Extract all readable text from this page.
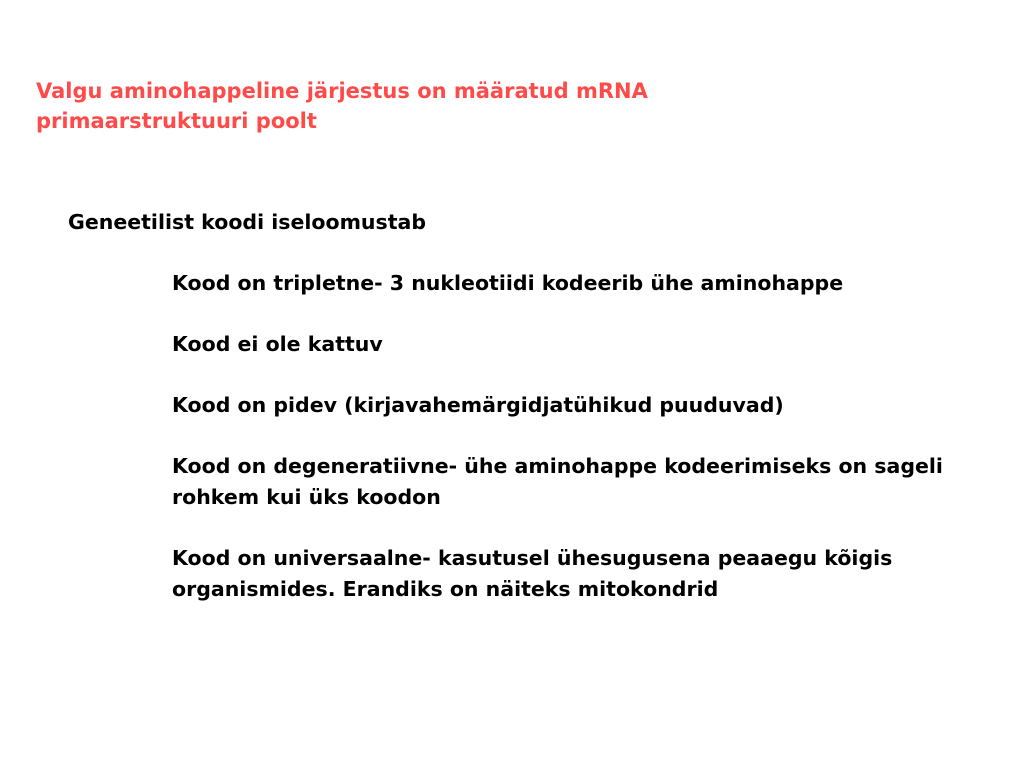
Valgu aminohappeline järjestus on määratud mRNA primaarstruktuuri poolt

Geneetilist koodi iseloomustab

Kood on tripletne- 3 nukleotiidi kodeerib ühe aminohappe
Kood ei ole kattuv
Kood on pidev (kirjavahemärgidjatühikud puuduvad)
Kood on degeneratiivne- ühe aminohappe kodeerimiseks on sageli rohkem kui üks koodon
Kood on universaalne- kasutusel ühesugusena peaaegu kõigis organismides. Erandiks on näiteks mitokondrid
